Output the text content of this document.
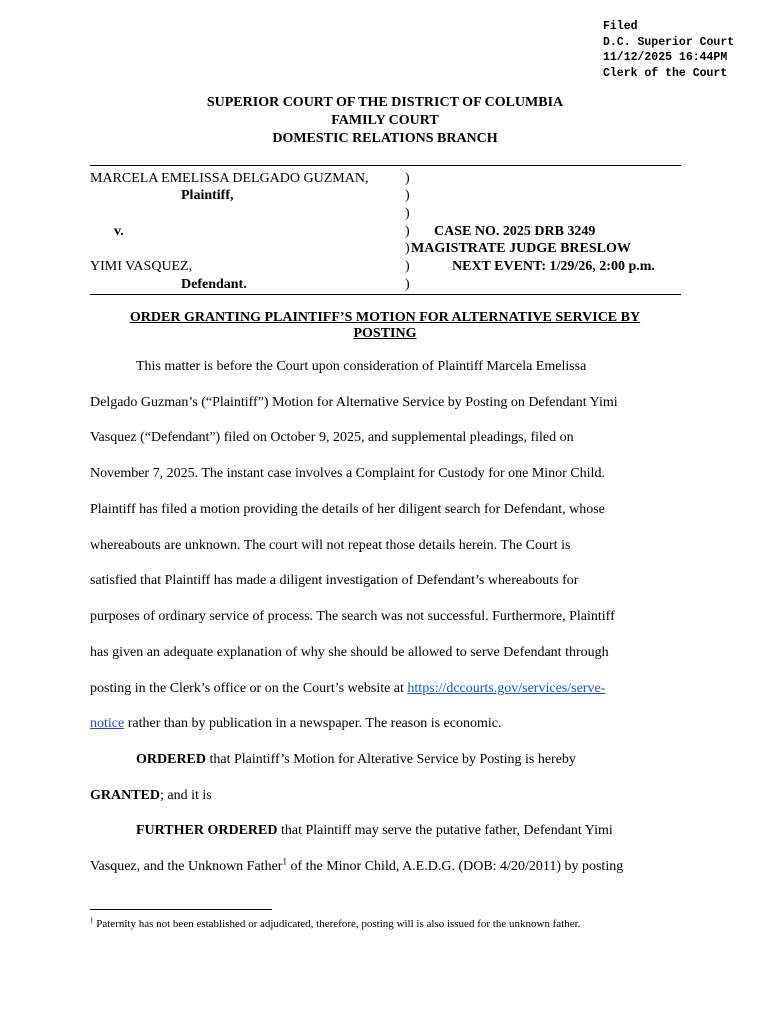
Filed
D.C. Superior Court
11/12/2025 16:44PM
Clerk of the Court
SUPERIOR COURT OF THE DISTRICT OF COLUMBIA
FAMILY COURT
DOMESTIC RELATIONS BRANCH
MARCELA EMELISSA DELGADO GUZMAN,
Plaintiff,
v.
YIMI VASQUEZ,
Defendant.
)
)
)
)
)
)
)
CASE NO. 2025 DRB 3249
MAGISTRATE JUDGE BRESLOW
NEXT EVENT: 1/29/26, 2:00 p.m.
ORDER GRANTING PLAINTIFF’S MOTION FOR ALTERNATIVE SERVICE BY
POSTING
This matter is before the Court upon consideration of Plaintiff Marcela Emelissa
Delgado Guzman’s (“Plaintiff”) Motion for Alternative Service by Posting on Defendant Yimi
Vasquez (“Defendant”) filed on October 9, 2025, and supplemental pleadings, filed on
November 7, 2025. The instant case involves a Complaint for Custody for one Minor Child.
Plaintiff has filed a motion providing the details of her diligent search for Defendant, whose
whereabouts are unknown. The court will not repeat those details herein. The Court is
satisfied that Plaintiff has made a diligent investigation of Defendant’s whereabouts for
purposes of ordinary service of process. The search was not successful. Furthermore, Plaintiff
has given an adequate explanation of why she should be allowed to serve Defendant through
posting in the Clerk’s office or on the Court’s website at https://dccourts.gov/services/serve-
notice rather than by publication in a newspaper. The reason is economic.
ORDERED that Plaintiff’s Motion for Alterative Service by Posting is hereby
GRANTED; and it is
FURTHER ORDERED that Plaintiff may serve the putative father, Defendant Yimi
Vasquez, and the Unknown Father$^1$ of the Minor Child, A.E.D.G. (DOB: 4/20/2011) by posting
$^1$ Paternity has not been established or adjudicated, therefore, posting will is also issued for the unknown father.
